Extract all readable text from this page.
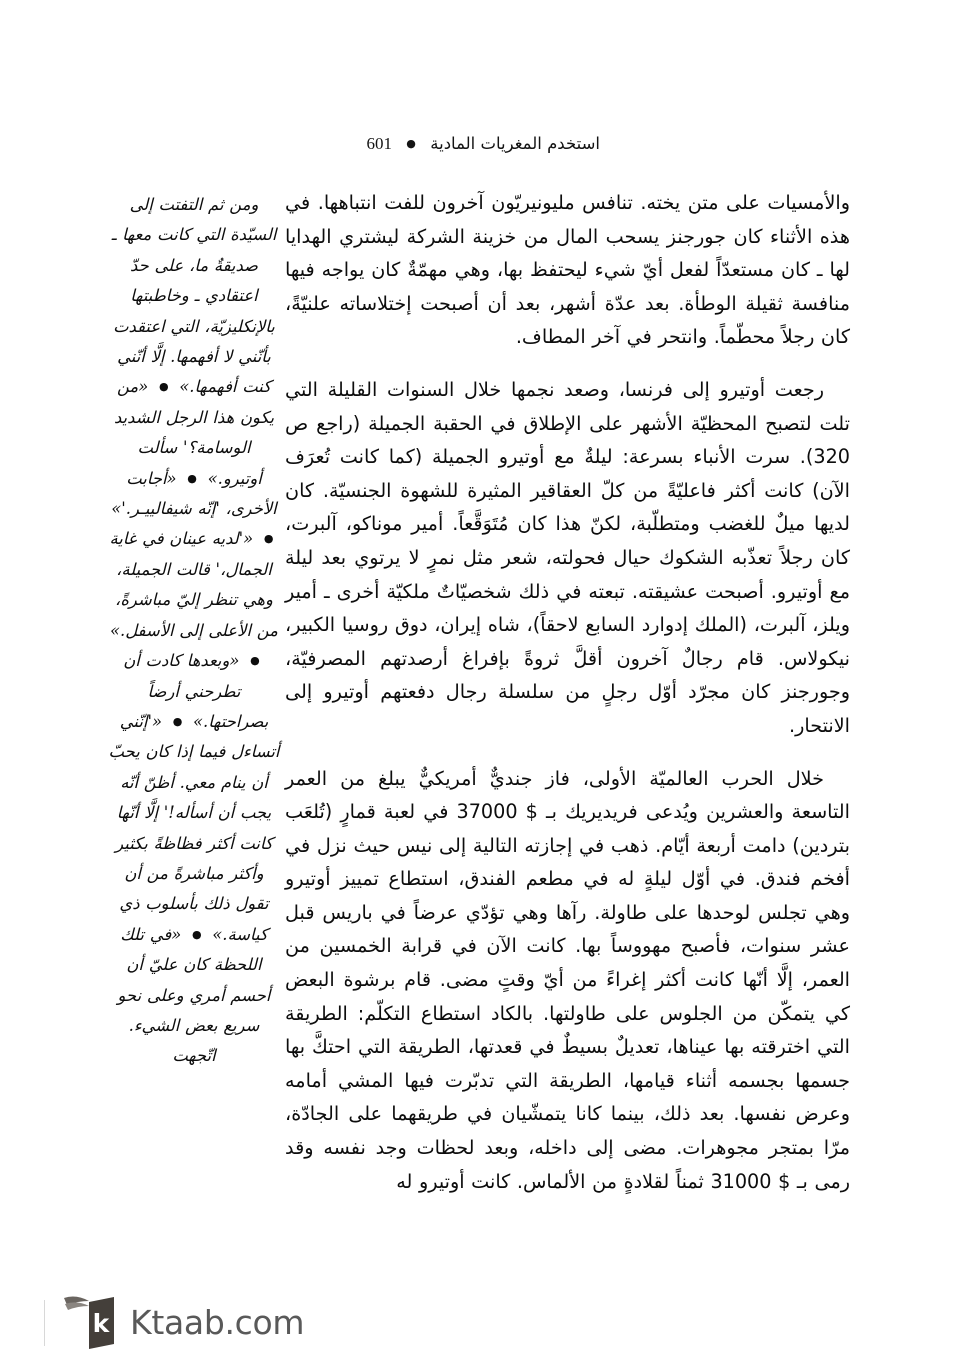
استخدم المغريات المادية ● 601

والأمسيات على متن يخته. تنافس مليونيريّون آخرون للفت انتباهها. في هذه الأثناء كان جورجنز يسحب المال من خزينة الشركة ليشتري الهدايا لها ـ كان مستعدّاً لفعل أيّ شيء ليحتفظ بها، وهي مهمّةٌ كان يواجه فيها منافسة ثقيلة الوطأة. بعد عدّة أشهر، بعد أن أصبحت إختلاساته علنيّةً، كان رجلاً محطّماً. وانتحر في آخر المطاف.

رجعت أوتيرو إلى فرنسا، وصعد نجمها خلال السنوات القليلة التي تلت لتصبح المحظيّة الأشهر على الإطلاق في الحقبة الجميلة (راجع ص 320). سرت الأنباء بسرعة: ليلةٌ مع أوتيرو الجميلة (كما كانت تُعرَف الآن) كانت أكثر فاعليّةً من كلّ العقاقير المثيرة للشهوة الجنسيّة. كان لديها ميلٌ للغضب ومتطلّبة، لكنّ هذا كان مُتَوَقَّعاً. أمير موناكو، آلبرت، كان رجلاً تعذّبه الشكوك حيال فحولته، شعر مثل نمرٍ لا يرتوي بعد ليلة مع أوتيرو. أصبحت عشيقته. تبعته في ذلك شخصيّاتٌ ملكيّة أخرى ـ أمير ويلز، آلبرت، (الملك إدوارد السابع لاحقاً)، شاه إيران، دوق روسيا الكبير، نيكولاس. قام رجالٌ آخرون أقلَّ ثروةً بإفراغ أرصدتهم المصرفيّة، وجورجنز كان مجرّد أوّل رجلٍ من سلسلة رجال دفعتهم أوتيرو إلى الانتحار.

خلال الحرب العالميّة الأولى، فاز جنديٌّ أمريكيٌّ يبلغ من العمر التاسعة والعشرين ويُدعى فريديريك بـ $ 37000 في لعبة قمارٍ (تُلعَب بتردين) دامت أربعة أيّام. ذهب في إجازته التالية إلى نيس حيث نزل في أفخم فندق. في أوّل ليلةٍ له في مطعم الفندق، استطاع تمييز أوتيرو وهي تجلس لوحدها على طاولة. رآها وهي تؤدّي عرضاً في باريس قبل عشر سنوات، فأصبح مهووساً بها. كانت الآن في قرابة الخمسين من العمر، إلَّا أنّها كانت أكثر إغراءً من أيّ وقتٍ مضى. قام برشوة البعض كي يتمكّن من الجلوس على طاولتها. بالكاد استطاع التكلّم: الطريقة التي اخترقته بها عيناها، تعديلٌ بسيطٌ في قعدتها، الطريقة التي احتكَّ بها جسمها بجسمه أثناء قيامها، الطريقة التي تدبّرت فيها المشي أمامه وعرض نفسها. بعد ذلك، بينما كانا يتمشّيان في طريقهما على الجادّة، مرّا بمتجر مجوهرات. مضى إلى داخله، وبعد لحظات وجد نفسه وقد رمى بـ $ 31000 ثمناً لقلادةٍ من الألماس. كانت أوتيرو له

ومن ثم التفتت إلى السيّدة التي كانت معها ـ صديقةٌ ما، على حدّ اعتقادي ـ وخاطبتها بالإنكليزيّة، التي اعتقدت بأنّني لا أفهمها. إلَّا أنّني كنت أفهمها.» ● «من يكون هذا الرجل الشديد الوسامة؟' سألت أوتيرو.» ● «أجابت الأخرى، 'إنّه شيفالييـر.'» ● «'لديه عينان في غاية الجمال،' قالت الجميلة، وهي تنظر إليّ مباشرةً، من الأعلى إلى الأسفل.» ● «وبعدها كادت أن تطرحني أرضاً بصراحتها.» ● «'إنّني أتساءل فيما إذا كان يحبّ أن ينام معي. أظنّ أنّه يجب أن أسأله!' إلَّا أنّها كانت أكثر فظاظةً بكثير وأكثر مباشرةً من أن تقول ذلك بأسلوب ذي كياسة.» ● «في تلك اللحظة كان عليّ أن أحسم أمري وعلى نحو سريع بعض الشيء. اتّجهت

k Ktaab.com
